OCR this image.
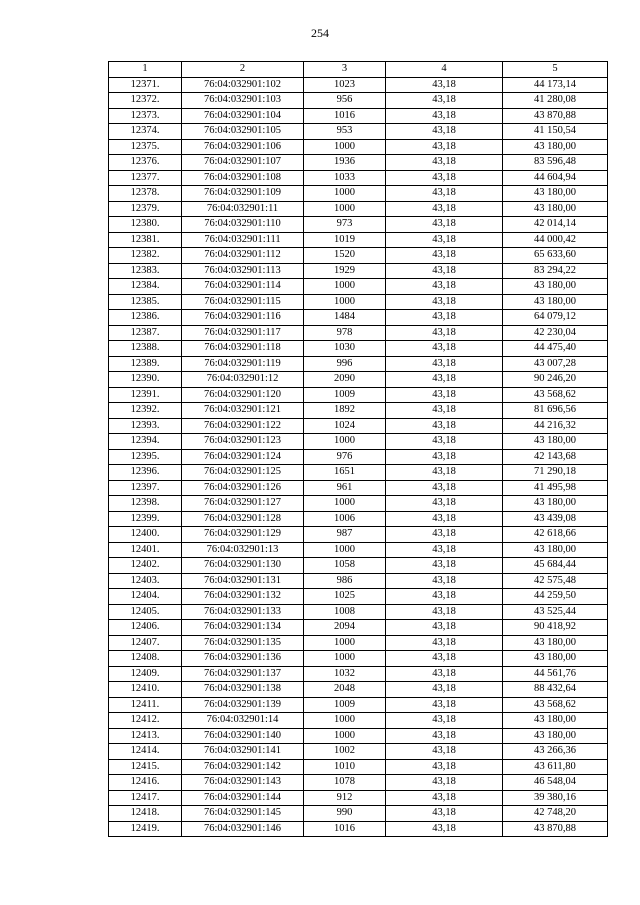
254
1	2	3	4	5
12371.	76:04:032901:102	1023	43,18	44 173,14
12372.	76:04:032901:103	956	43,18	41 280,08
12373.	76:04:032901:104	1016	43,18	43 870,88
12374.	76:04:032901:105	953	43,18	41 150,54
12375.	76:04:032901:106	1000	43,18	43 180,00
12376.	76:04:032901:107	1936	43,18	83 596,48
12377.	76:04:032901:108	1033	43,18	44 604,94
12378.	76:04:032901:109	1000	43,18	43 180,00
12379.	76:04:032901:11	1000	43,18	43 180,00
12380.	76:04:032901:110	973	43,18	42 014,14
12381.	76:04:032901:111	1019	43,18	44 000,42
12382.	76:04:032901:112	1520	43,18	65 633,60
12383.	76:04:032901:113	1929	43,18	83 294,22
12384.	76:04:032901:114	1000	43,18	43 180,00
12385.	76:04:032901:115	1000	43,18	43 180,00
12386.	76:04:032901:116	1484	43,18	64 079,12
12387.	76:04:032901:117	978	43,18	42 230,04
12388.	76:04:032901:118	1030	43,18	44 475,40
12389.	76:04:032901:119	996	43,18	43 007,28
12390.	76:04:032901:12	2090	43,18	90 246,20
12391.	76:04:032901:120	1009	43,18	43 568,62
12392.	76:04:032901:121	1892	43,18	81 696,56
12393.	76:04:032901:122	1024	43,18	44 216,32
12394.	76:04:032901:123	1000	43,18	43 180,00
12395.	76:04:032901:124	976	43,18	42 143,68
12396.	76:04:032901:125	1651	43,18	71 290,18
12397.	76:04:032901:126	961	43,18	41 495,98
12398.	76:04:032901:127	1000	43,18	43 180,00
12399.	76:04:032901:128	1006	43,18	43 439,08
12400.	76:04:032901:129	987	43,18	42 618,66
12401.	76:04:032901:13	1000	43,18	43 180,00
12402.	76:04:032901:130	1058	43,18	45 684,44
12403.	76:04:032901:131	986	43,18	42 575,48
12404.	76:04:032901:132	1025	43,18	44 259,50
12405.	76:04:032901:133	1008	43,18	43 525,44
12406.	76:04:032901:134	2094	43,18	90 418,92
12407.	76:04:032901:135	1000	43,18	43 180,00
12408.	76:04:032901:136	1000	43,18	43 180,00
12409.	76:04:032901:137	1032	43,18	44 561,76
12410.	76:04:032901:138	2048	43,18	88 432,64
12411.	76:04:032901:139	1009	43,18	43 568,62
12412.	76:04:032901:14	1000	43,18	43 180,00
12413.	76:04:032901:140	1000	43,18	43 180,00
12414.	76:04:032901:141	1002	43,18	43 266,36
12415.	76:04:032901:142	1010	43,18	43 611,80
12416.	76:04:032901:143	1078	43,18	46 548,04
12417.	76:04:032901:144	912	43,18	39 380,16
12418.	76:04:032901:145	990	43,18	42 748,20
12419.	76:04:032901:146	1016	43,18	43 870,88
